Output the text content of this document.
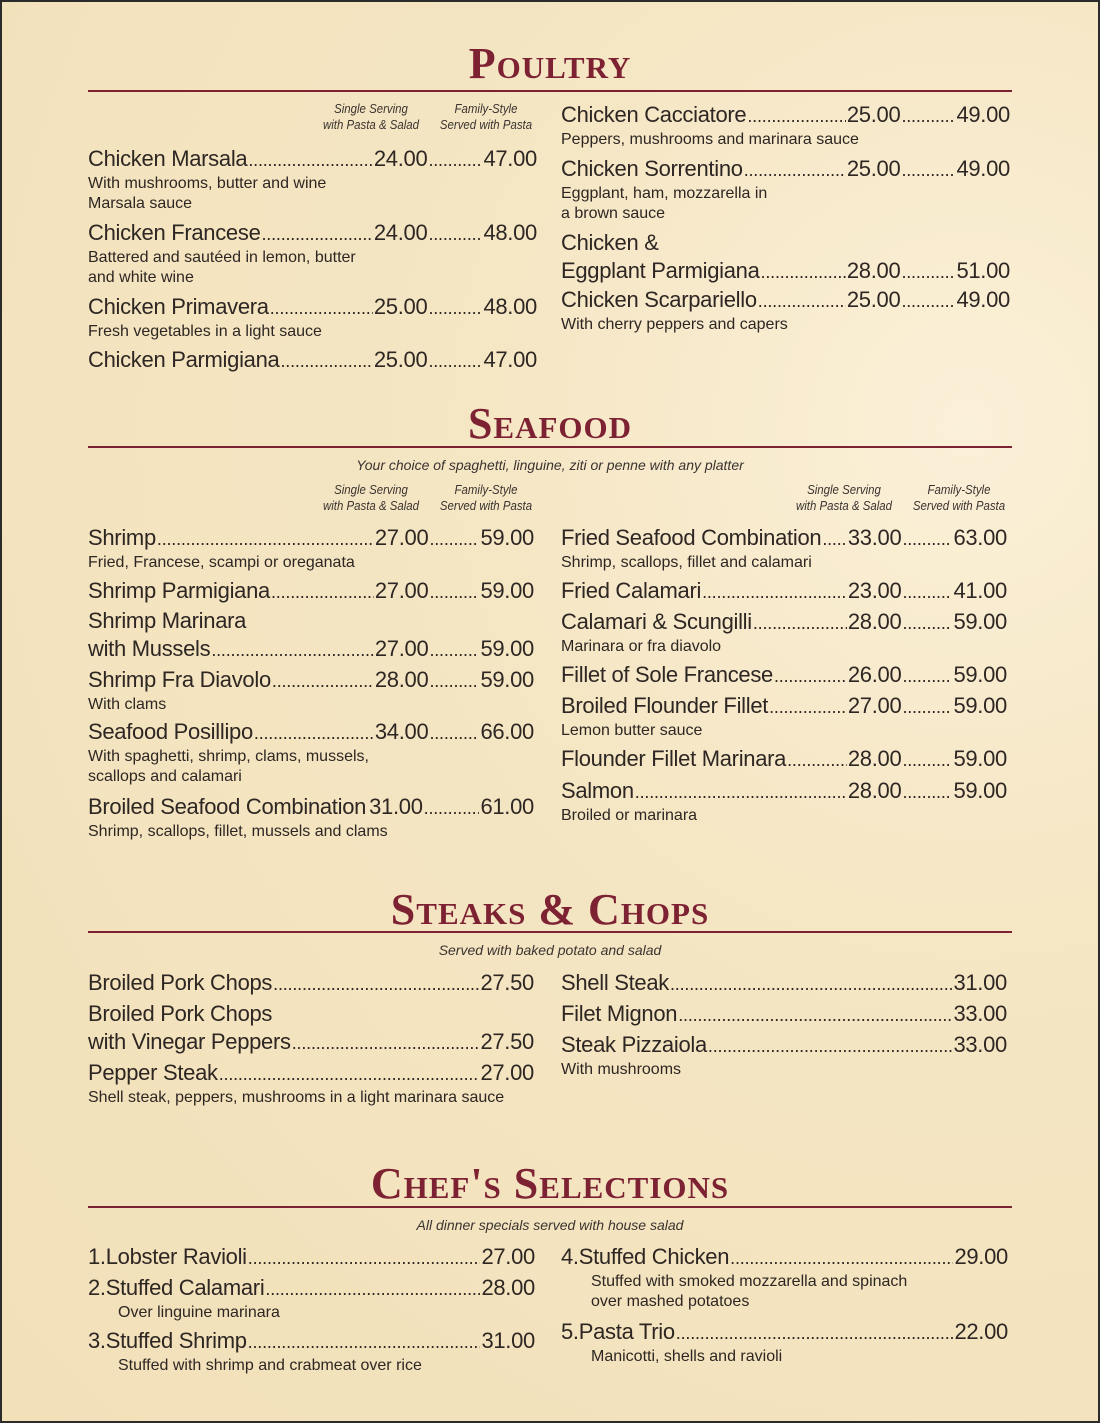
Poultry
Single Serving
with Pasta & Salad
Family-Style
Served with Pasta
Chicken Marsala . . .	24.00 . . .	47.00
With mushrooms, butter and wine
Marsala sauce
Chicken Francese . . .	24.00 . . .	48.00
Battered and sautéed in lemon, butter
and white wine
Chicken Primavera . . .	25.00 . . .	48.00
Fresh vegetables in a light sauce
Chicken Parmigiana . . .	25.00 . . .	47.00
Chicken Cacciatore . . .	25.00 . . .	49.00
Peppers, mushrooms and marinara sauce
Chicken Sorrentino . . .	25.00 . . .	49.00
Eggplant, ham, mozzarella in
a brown sauce
Chicken &
Eggplant Parmigiana . . .	28.00 . . .	51.00
Chicken Scarpariello . . .	25.00 . . .	49.00
With cherry peppers and capers
Seafood
Your choice of spaghetti, linguine, ziti or penne with any platter
Single Serving
with Pasta & Salad
Family-Style
Served with Pasta
Single Serving
with Pasta & Salad
Family-Style
Served with Pasta
Shrimp . . .	27.00 . . . 59.00
Fried, Francese, scampi or oreganata
Shrimp Parmigiana . . .	27.00 . . . 59.00
Shrimp Marinara
with Mussels . . .	27.00 . . . 59.00
Shrimp Fra Diavolo . . .	28.00 . . . 59.00
With clams
Seafood Posillipo . . .	34.00 . . . 66.00
With spaghetti, shrimp, clams, mussels,
scallops and calamari
Broiled Seafood Combination 31.00 . . .	61.00
Shrimp, scallops, fillet, mussels and clams
Fried Seafood Combination . . . 33.00 . . . 63.00
Shrimp, scallops, fillet and calamari
Fried Calamari . . .	23.00 . . . 41.00
Calamari & Scungilli . . .	28.00 . . . 59.00
Marinara or fra diavolo
Fillet of Sole Francese . . .	26.00 . . . 59.00
Broiled Flounder Fillet . . .	27.00 . . . 59.00
Lemon butter sauce
Flounder Fillet Marinara . . .	28.00 . . . 59.00
Salmon . . .	28.00 . . . 59.00
Broiled or marinara
Steaks & Chops
Served with baked potato and salad
Broiled Pork Chops . . .	27.50
Broiled Pork Chops
with Vinegar Peppers . . .	27.50
Pepper Steak . . .	27.00
Shell steak, peppers, mushrooms in a light marinara sauce
Shell Steak . . .	31.00
Filet Mignon . . .	33.00
Steak Pizzaiola . . .	33.00
With mushrooms
Chef's Selections
All dinner specials served with house salad
1. Lobster Ravioli . . .	27.00
2. Stuffed Calamari . . .	28.00
Over linguine marinara
3. Stuffed Shrimp . . .	31.00
Stuffed with shrimp and crabmeat over rice
4. Stuffed Chicken . . .	29.00
Stuffed with smoked mozzarella and spinach
over mashed potatoes
5. Pasta Trio . . .	22.00
Manicotti, shells and ravioli
